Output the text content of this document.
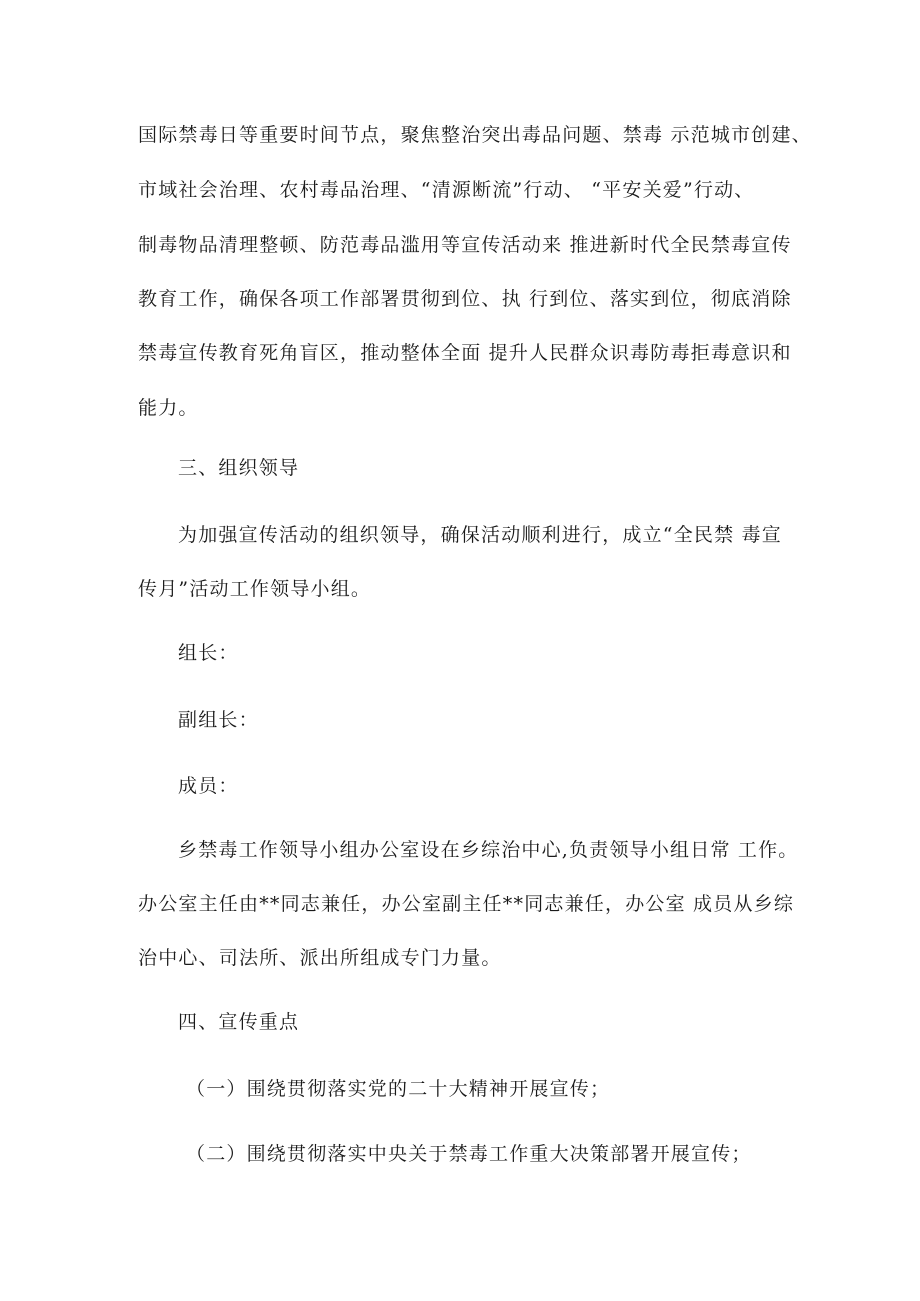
国际禁毒日等重要时间节点，聚焦整治突出毒品问题、禁毒 示范城市创建、
市域社会治理、农村毒品治理、“清源断流”行动、 “平安关爱”行动、
制毒物品清理整顿、防范毒品滥用等宣传活动来 推进新时代全民禁毒宣传
教育工作，确保各项工作部署贯彻到位、执 行到位、落实到位，彻底消除
禁毒宣传教育死角盲区，推动整体全面 提升人民群众识毒防毒拒毒意识和
能力。
三、组织领导
为加强宣传活动的组织领导，确保活动顺利进行，成立“全民禁 毒宣
传月”活动工作领导小组。
组长：
副组长：
成员：
乡禁毒工作领导小组办公室设在乡综治中心,负责领导小组日常 工作。
办公室主任由**同志兼任，办公室副主任**同志兼任，办公室 成员从乡综
治中心、司法所、派出所组成专门力量。
四、宣传重点
（一）围绕贯彻落实党的二十大精神开展宣传；
（二）围绕贯彻落实中央关于禁毒工作重大决策部署开展宣传；
